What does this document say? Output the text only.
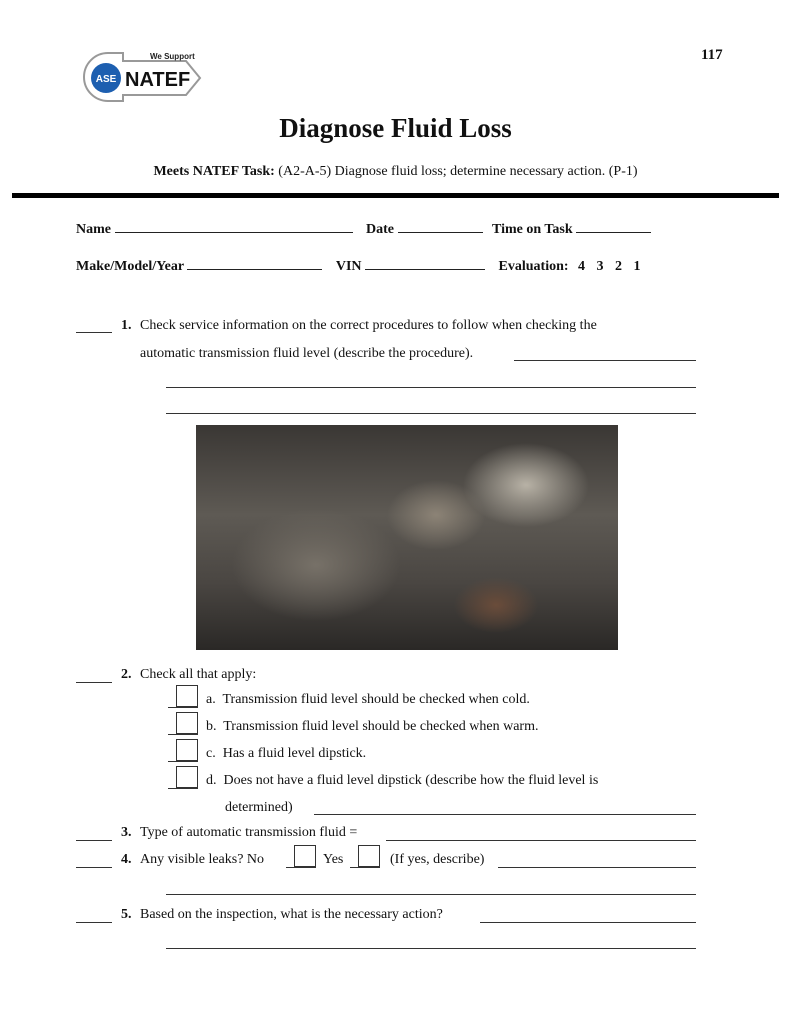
ASE
We Support
NATEF
117
Diagnose Fluid Loss
Meets NATEF Task: (A2-A-5) Diagnose fluid loss; determine necessary action. (P-1)
Name	Date	Time on Task
Make/Model/Year	VIN	Evaluation: 4 3 2 1
1. Check service information on the correct procedures to follow when checking the
automatic transmission fluid level (describe the procedure).
2. Check all that apply:
a. Transmission fluid level should be checked when cold.
b. Transmission fluid level should be checked when warm.
c. Has a fluid level dipstick.
d. Does not have a fluid level dipstick (describe how the fluid level is
determined)
3. Type of automatic transmission fluid =
4. Any visible leaks? No	Yes	(If yes, describe)
5. Based on the inspection, what is the necessary action?
